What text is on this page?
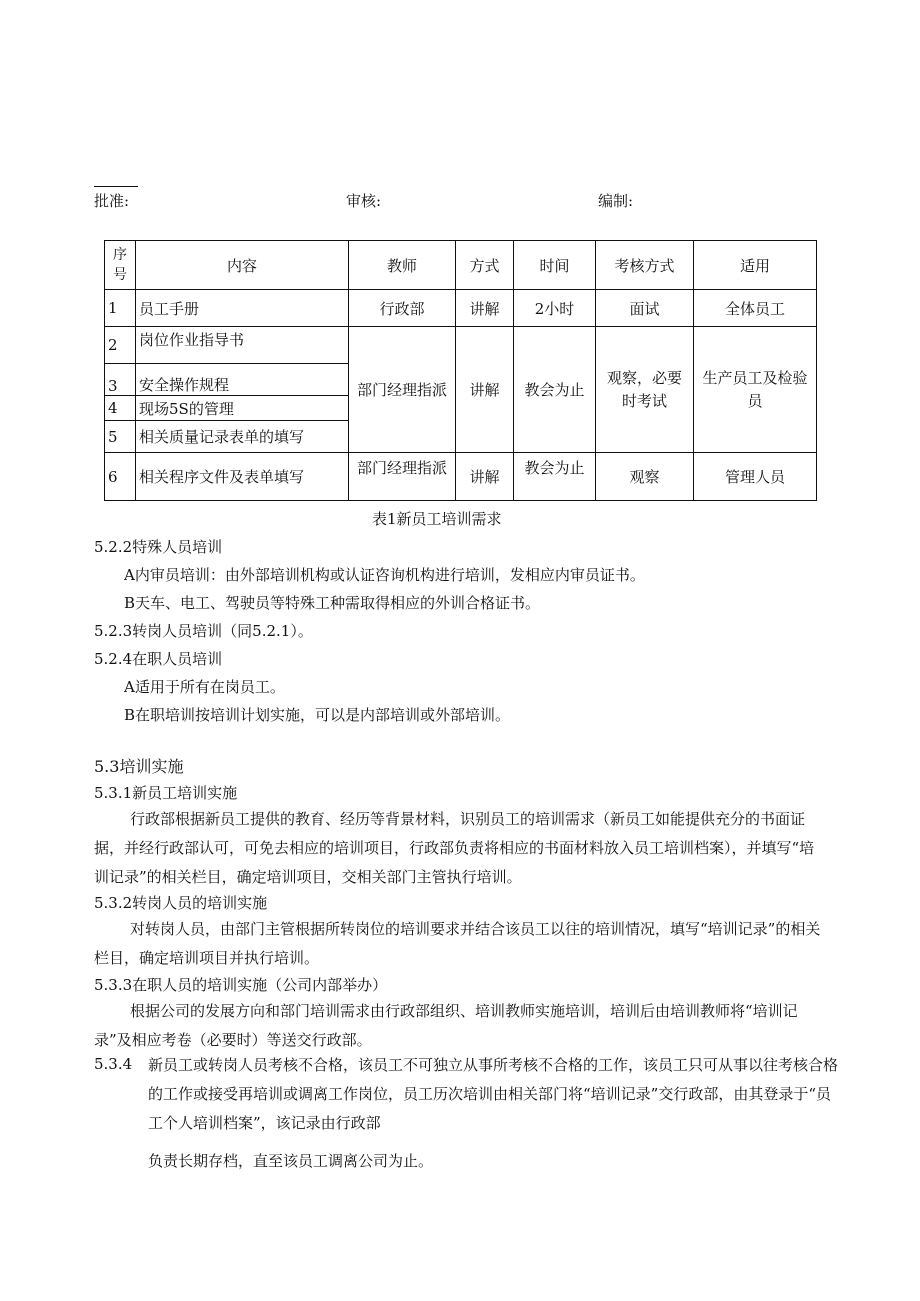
批准:	审核:	编制:
序号	内容	教师	方式	时间	考核方式	适用
1	员工手册	行政部	讲解	2小时	面试	全体员工
2	岗位作业指导书	部门经理指派	讲解	教会为止	观察，必要时考试	生产员工及检验员
3	安全操作规程					
4	现场5S的管理					
5	相关质量记录表单的填写					
6	相关程序文件及表单填写	部门经理指派	讲解	教会为止	观察	管理人员
表1新员工培训需求
5.2.2特殊人员培训
A内审员培训：由外部培训机构或认证咨询机构进行培训，发相应内审员证书。
B天车、电工、驾驶员等特殊工种需取得相应的外训合格证书。
5.2.3转岗人员培训（同5.2.1）。
5.2.4在职人员培训
A适用于所有在岗员工。
B在职培训按培训计划实施，可以是内部培训或外部培训。
5.3培训实施
5.3.1新员工培训实施
行政部根据新员工提供的教育、经历等背景材料，识别员工的培训需求（新员工如能提供充分的书面证据，并经行政部认可，可免去相应的培训项目，行政部负责将相应的书面材料放入员工培训档案），并填写“培训记录”的相关栏目，确定培训项目，交相关部门主管执行培训。
5.3.2转岗人员的培训实施
对转岗人员，由部门主管根据所转岗位的培训要求并结合该员工以往的培训情况，填写“培训记录”的相关栏目，确定培训项目并执行培训。
5.3.3在职人员的培训实施（公司内部举办）
根据公司的发展方向和部门培训需求由行政部组织、培训教师实施培训，培训后由培训教师将“培训记录”及相应考卷（必要时）等送交行政部。
5.3.4 新员工或转岗人员考核不合格，该员工不可独立从事所考核不合格的工作，该员工只可从事以往考核合格的工作或接受再培训或调离工作岗位，员工历次培训由相关部门将“培训记录”交行政部，由其登录于“员工个人培训档案”，该记录由行政部
负责长期存档，直至该员工调离公司为止。
